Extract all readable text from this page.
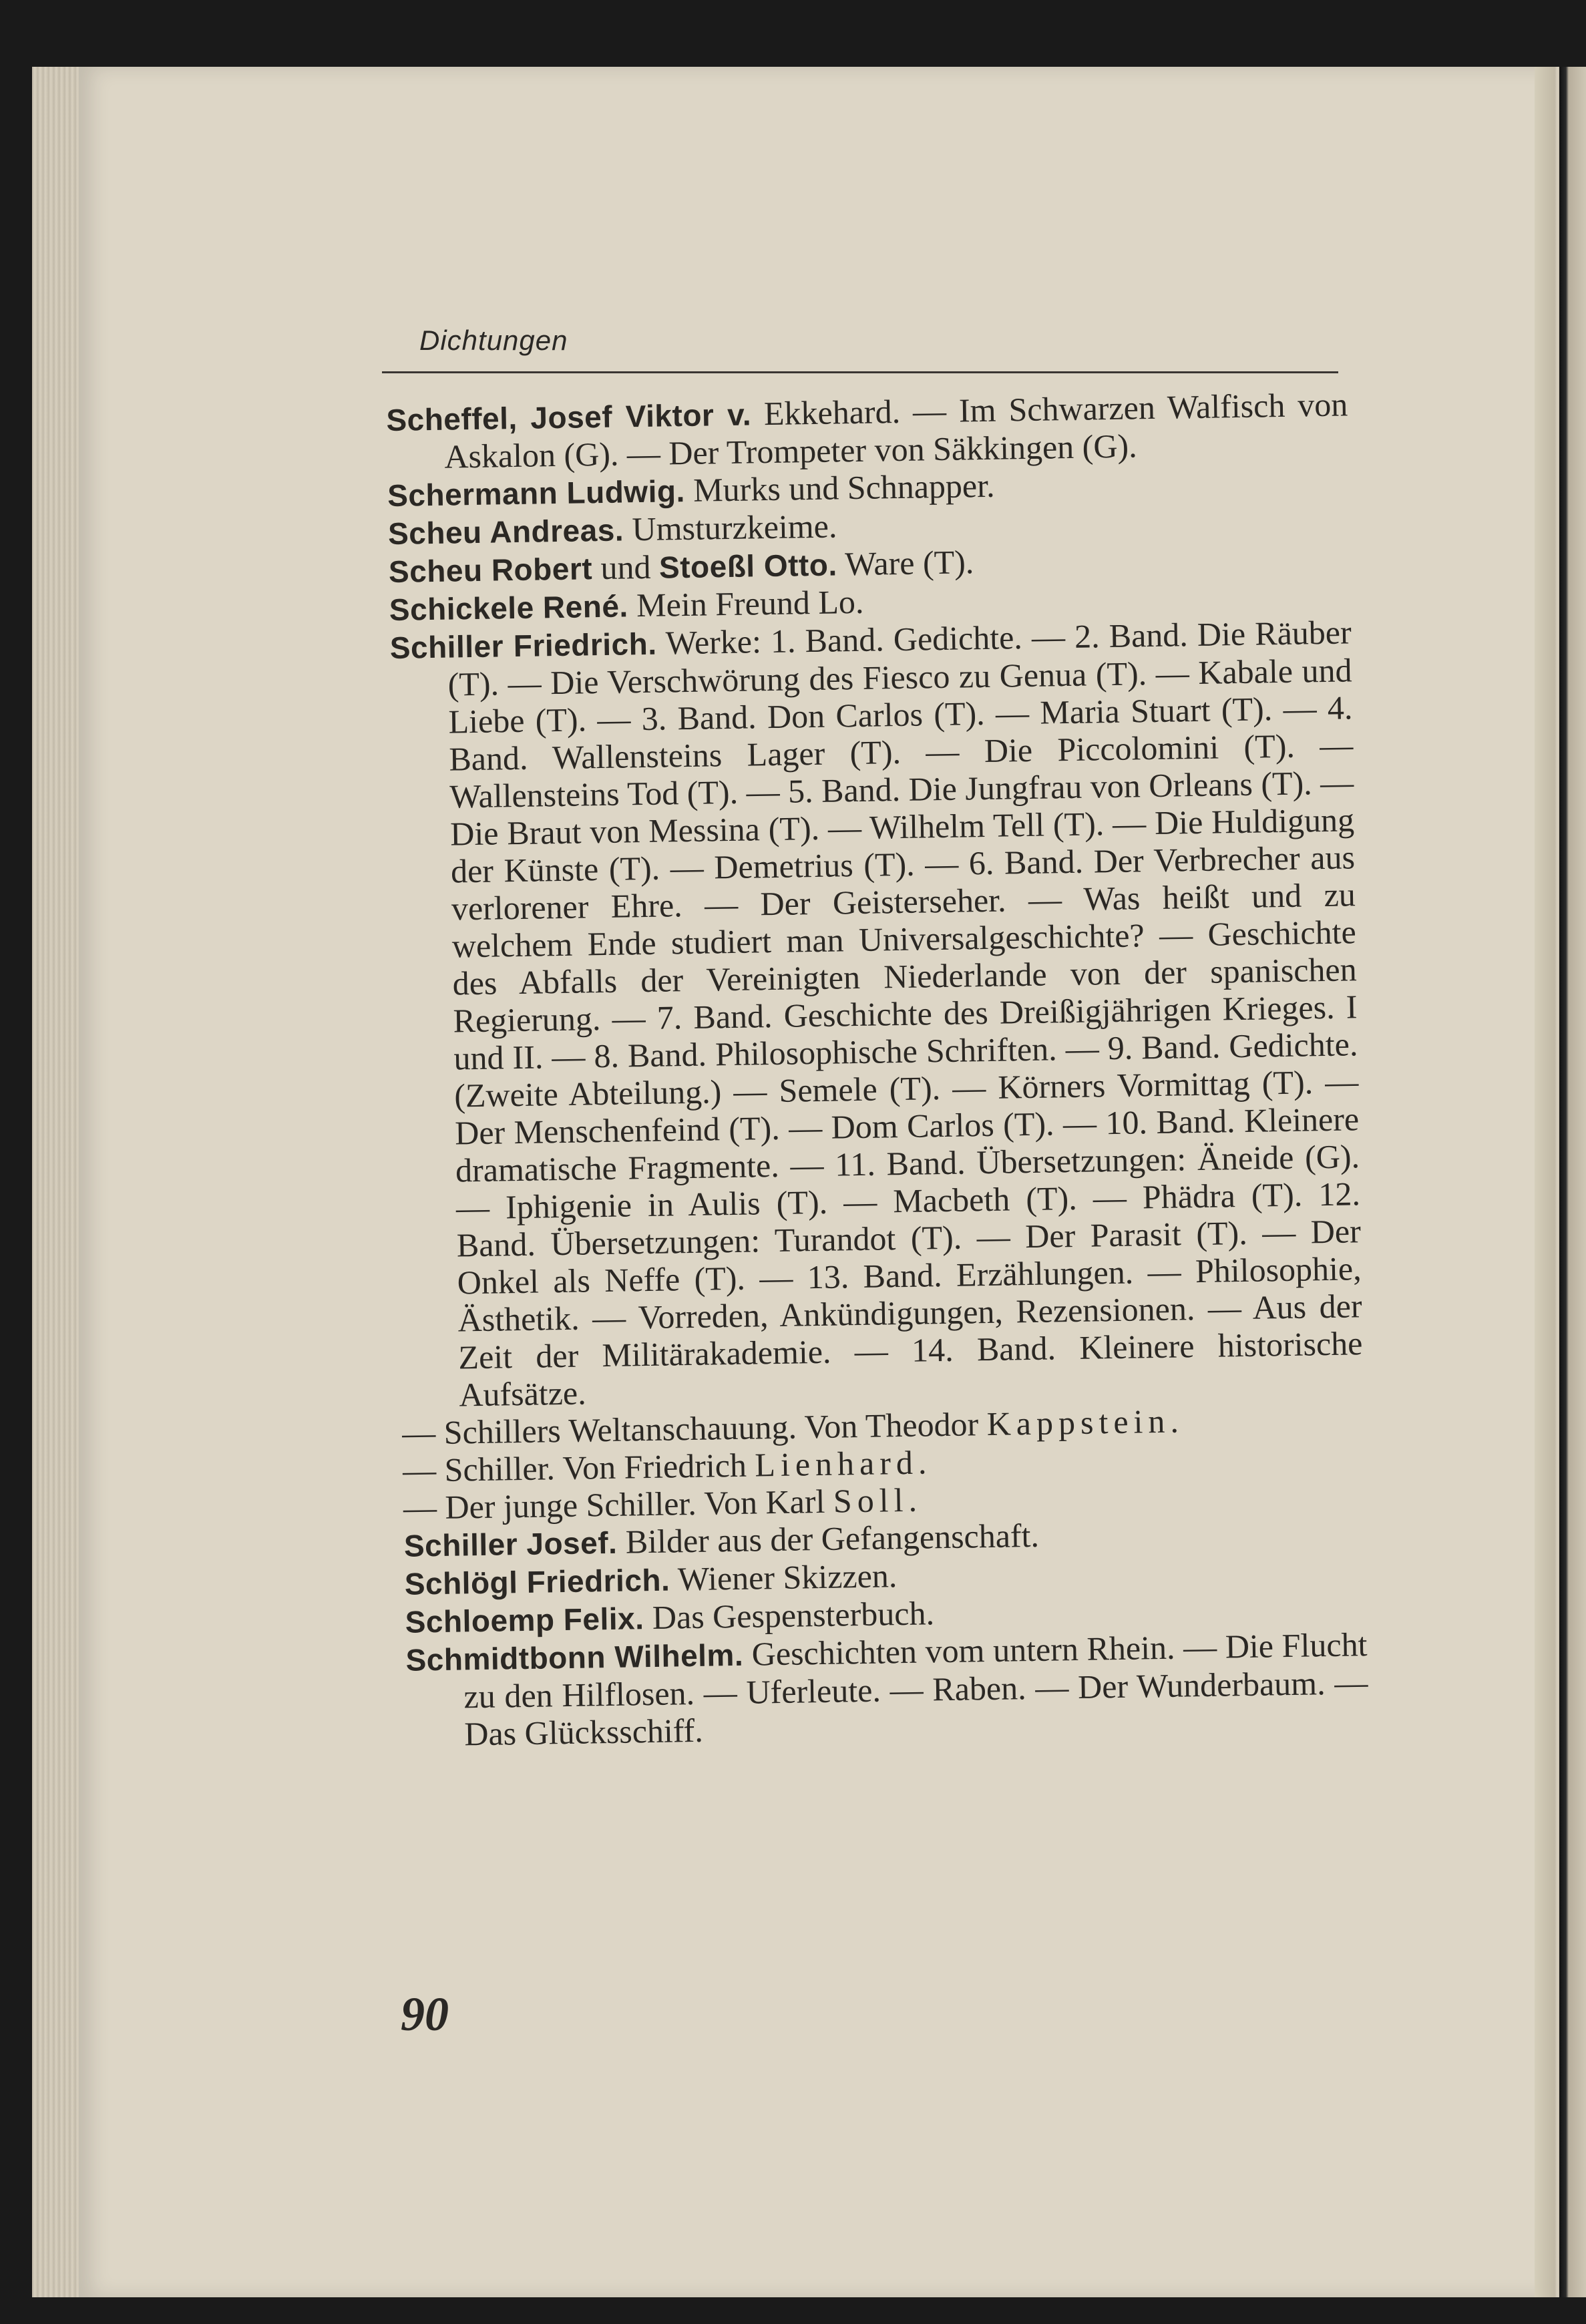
Dichtungen

Scheffel, Josef Viktor v. Ekkehard. — Im Schwarzen Walfisch von Askalon (G). — Der Trompeter von Säkkingen (G).

Schermann Ludwig. Murks und Schnapper.

Scheu Andreas. Umsturzkeime.

Scheu Robert und Stoeßl Otto. Ware (T).

Schickele René. Mein Freund Lo.

Schiller Friedrich. Werke: 1. Band. Gedichte. — 2. Band. Die Räuber (T). — Die Verschwörung des Fiesco zu Genua (T). — Kabale und Liebe (T). — 3. Band. Don Carlos (T). — Maria Stuart (T). — 4. Band. Wallensteins Lager (T). — Die Piccolomini (T). — Wallensteins Tod (T). — 5. Band. Die Jungfrau von Orleans (T). — Die Braut von Messina (T). — Wilhelm Tell (T). — Die Huldigung der Künste (T). — Demetrius (T). — 6. Band. Der Verbrecher aus verlorener Ehre. — Der Geisterseher. — Was heißt und zu welchem Ende studiert man Universalgeschichte? — Geschichte des Abfalls der Vereinigten Niederlande von der spanischen Regierung. — 7. Band. Geschichte des Dreißigjährigen Krieges. I und II. — 8. Band. Philosophische Schriften. — 9. Band. Gedichte. (Zweite Abteilung.) — Semele (T). — Körners Vormittag (T). — Der Menschenfeind (T). — Dom Carlos (T). — 10. Band. Kleinere dramatische Fragmente. — 11. Band. Übersetzungen: Äneide (G). — Iphigenie in Aulis (T). — Macbeth (T). — Phädra (T). 12. Band. Übersetzungen: Turandot (T). — Der Parasit (T). — Der Onkel als Neffe (T). — 13. Band. Erzählungen. — Philosophie, Ästhetik. — Vorreden, Ankündigungen, Rezensionen. — Aus der Zeit der Militärakademie. — 14. Band. Kleinere historische Aufsätze.

— Schillers Weltanschauung. Von Theodor Kappstein.

— Schiller. Von Friedrich Lienhard.

— Der junge Schiller. Von Karl Soll.

Schiller Josef. Bilder aus der Gefangenschaft.

Schlögl Friedrich. Wiener Skizzen.

Schloemp Felix. Das Gespensterbuch.

Schmidtbonn Wilhelm. Geschichten vom untern Rhein. — Die Flucht zu den Hilflosen. — Uferleute. — Raben. — Der Wunderbaum. — Das Glücksschiff.

90
